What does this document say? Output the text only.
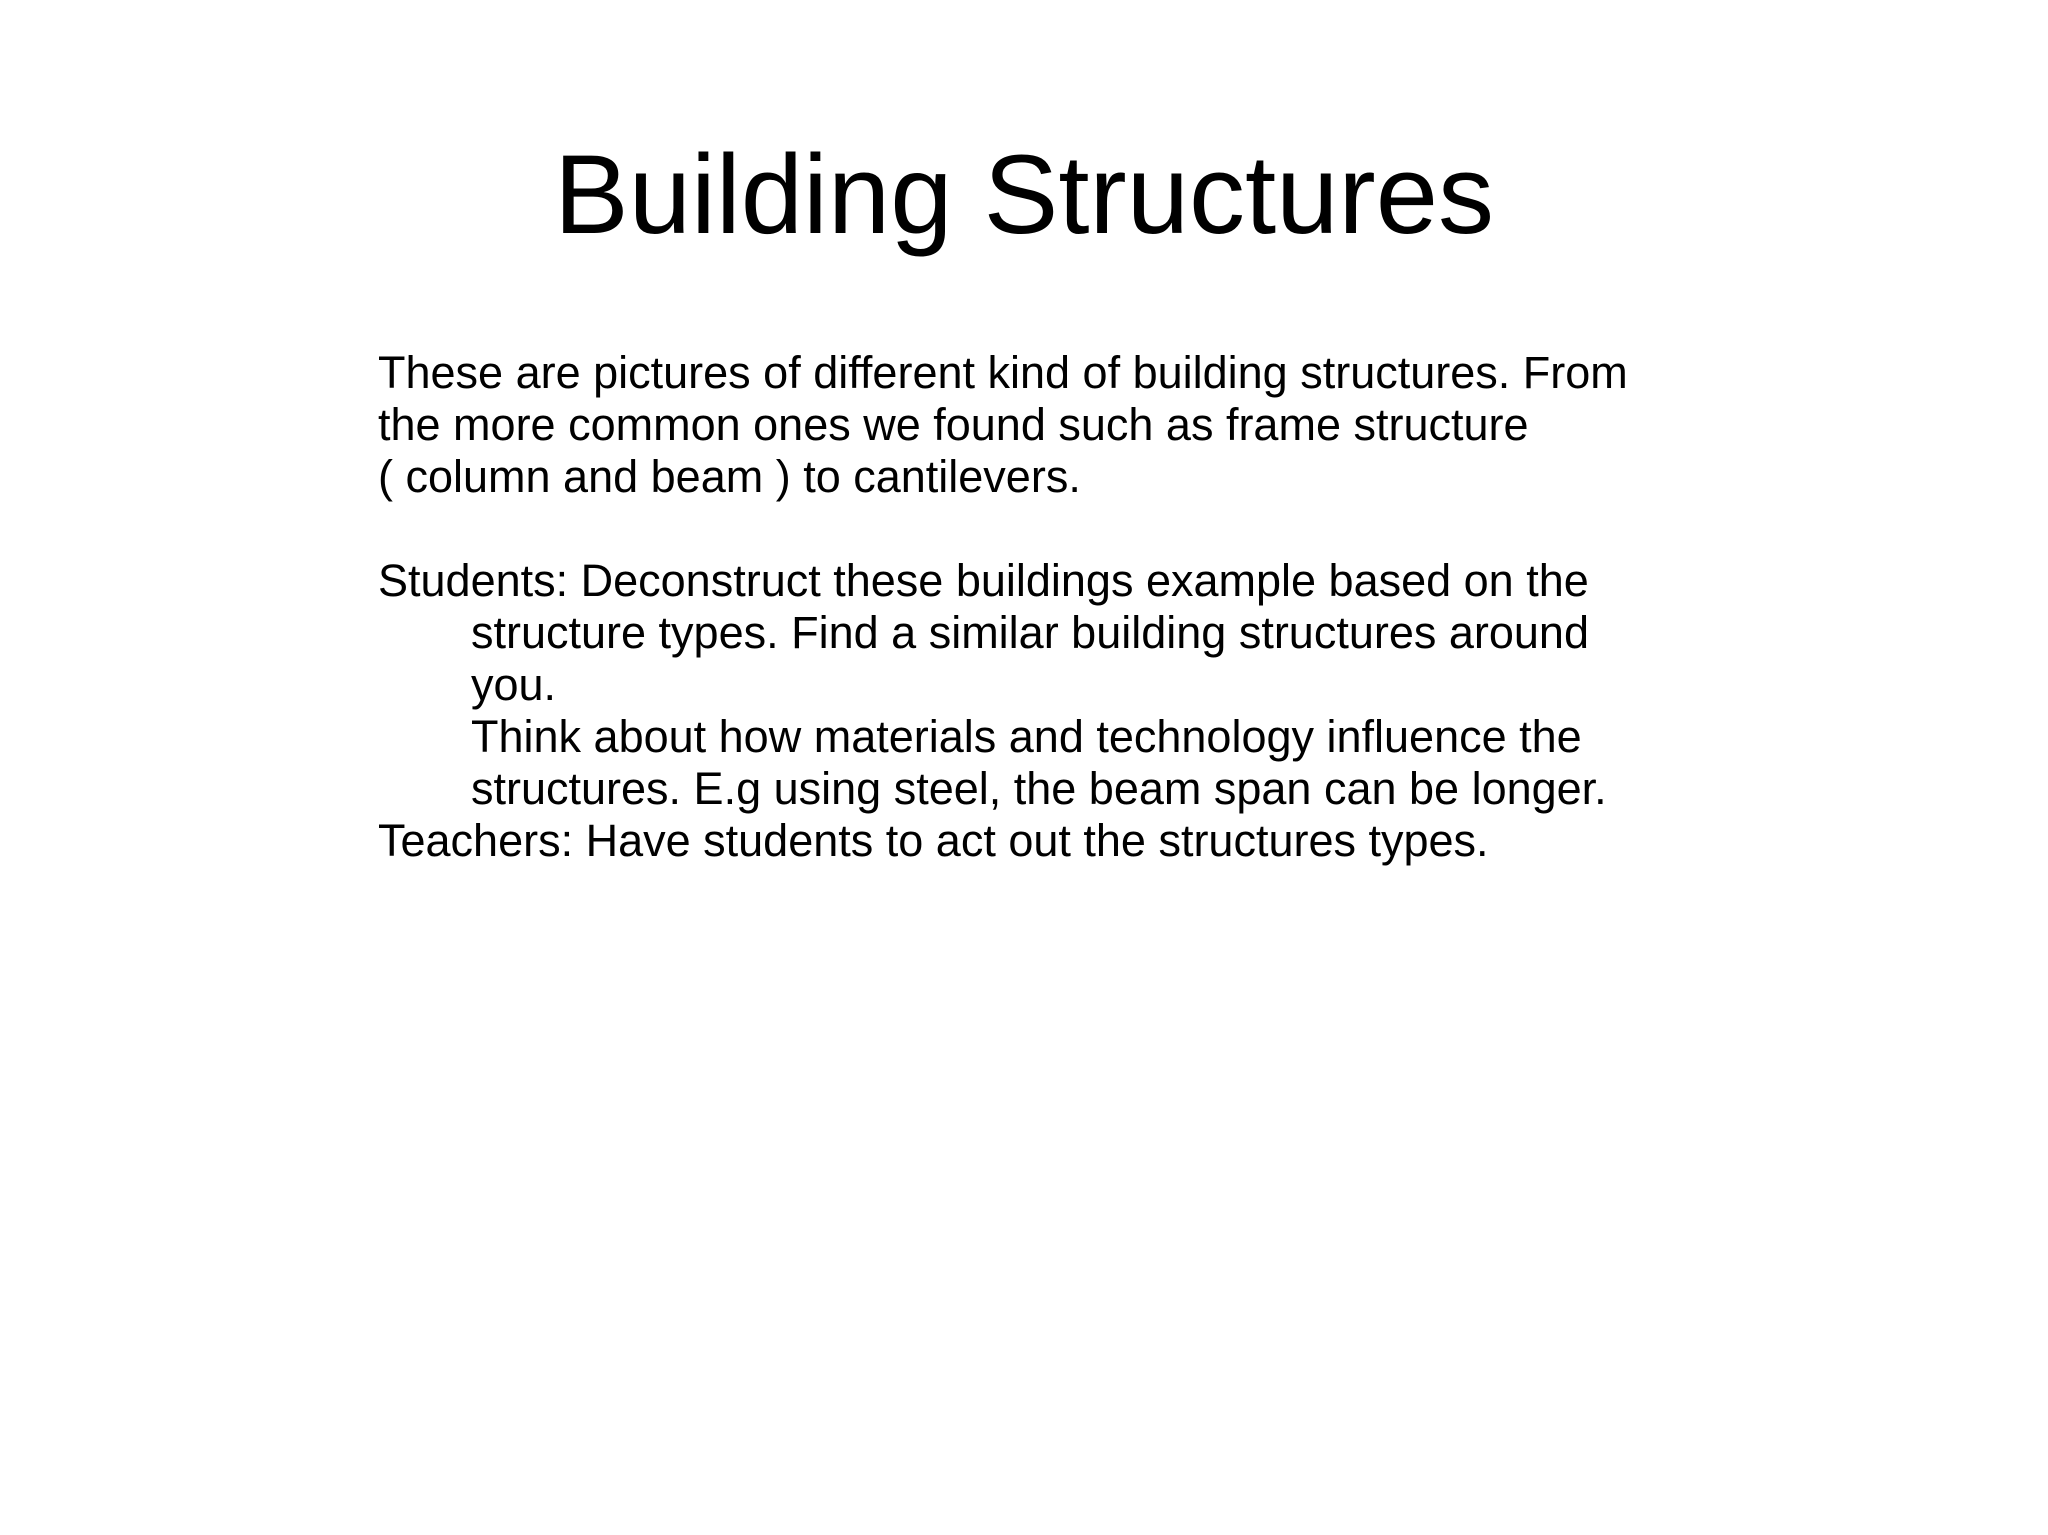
Building Structures
These are pictures of different kind of building structures. From
the more common ones we found such as frame structure
( column and beam ) to cantilevers.
Students: Deconstruct these buildings example based on the
structure types. Find a similar building structures around
you.
Think about how materials and technology influence the
structures. E.g using steel, the beam span can be longer.
Teachers: Have students to act out the structures types.
